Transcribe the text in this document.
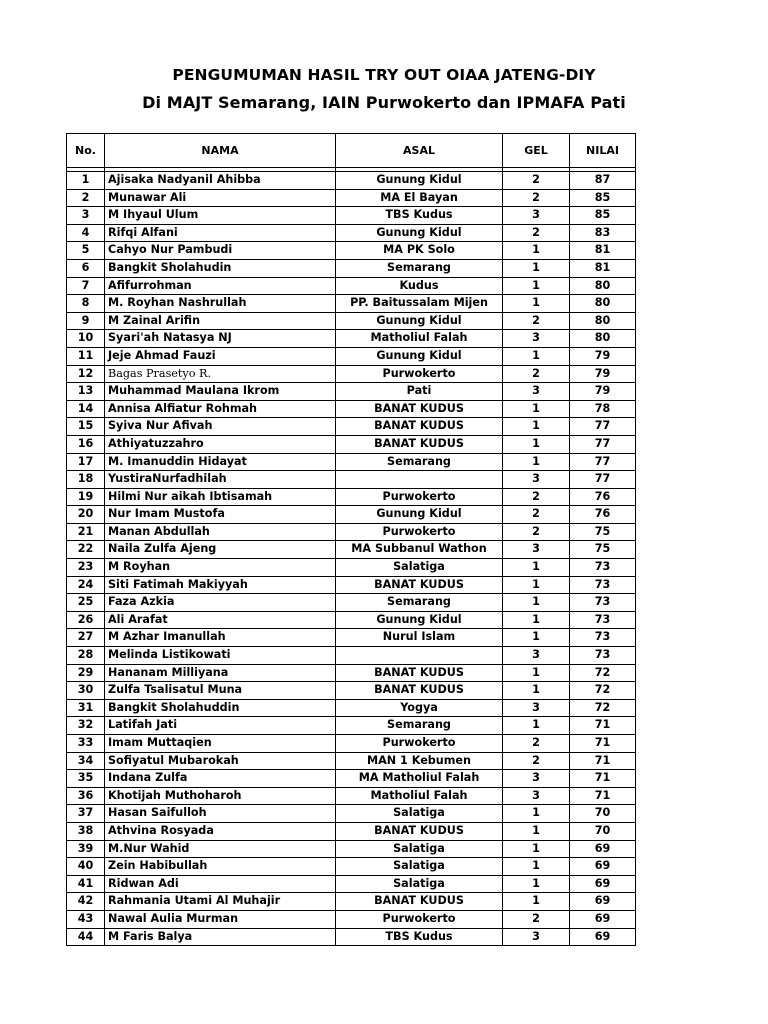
PENGUMUMAN HASIL TRY OUT OIAA JATENG-DIY
Di MAJT Semarang, IAIN Purwokerto dan IPMAFA Pati
No.	NAMA	ASAL	GEL	NILAI

1	Ajisaka Nadyanil Ahibba	Gunung Kidul	2	87
2	Munawar Ali	MA El Bayan	2	85
3	M Ihyaul Ulum	TBS Kudus	3	85
4	Rifqi Alfani	Gunung Kidul	2	83
5	Cahyo Nur Pambudi	MA PK Solo	1	81
6	Bangkit Sholahudin	Semarang	1	81
7	Afifurrohman	Kudus	1	80
8	M. Royhan Nashrullah	PP. Baitussalam Mijen	1	80
9	M Zainal Arifin	Gunung Kidul	2	80
10	Syari'ah Natasya NJ	Matholiul Falah	3	80
11	Jeje Ahmad Fauzi	Gunung Kidul	1	79
12	Bagas Prasetyo R.	Purwokerto	2	79
13	Muhammad Maulana Ikrom	Pati	3	79
14	Annisa Alfiatur Rohmah	BANAT KUDUS	1	78
15	Syiva Nur Afivah	BANAT KUDUS	1	77
16	Athiyatuzzahro	BANAT KUDUS	1	77
17	M. Imanuddin Hidayat	Semarang	1	77
18	YustiraNurfadhilah		3	77
19	Hilmi Nur aikah Ibtisamah	Purwokerto	2	76
20	Nur Imam Mustofa	Gunung Kidul	2	76
21	Manan Abdullah	Purwokerto	2	75
22	Naila Zulfa Ajeng	MA Subbanul Wathon	3	75
23	M Royhan	Salatiga	1	73
24	Siti Fatimah Makiyyah	BANAT KUDUS	1	73
25	Faza Azkia	Semarang	1	73
26	Ali Arafat	Gunung Kidul	1	73
27	M Azhar Imanullah	Nurul Islam	1	73
28	Melinda Listikowati		3	73
29	Hananam Milliyana	BANAT KUDUS	1	72
30	Zulfa Tsalisatul Muna	BANAT KUDUS	1	72
31	Bangkit Sholahuddin	Yogya	3	72
32	Latifah Jati	Semarang	1	71
33	Imam Muttaqien	Purwokerto	2	71
34	Sofiyatul Mubarokah	MAN 1 Kebumen	2	71
35	Indana Zulfa	MA Matholiul Falah	3	71
36	Khotijah Muthoharoh	Matholiul Falah	3	71
37	Hasan Saifulloh	Salatiga	1	70
38	Athvina Rosyada	BANAT KUDUS	1	70
39	M.Nur Wahid	Salatiga	1	69
40	Zein Habibullah	Salatiga	1	69
41	Ridwan Adi	Salatiga	1	69
42	Rahmania Utami Al Muhajir	BANAT KUDUS	1	69
43	Nawal Aulia Murman	Purwokerto	2	69
44	M Faris Balya	TBS Kudus	3	69
